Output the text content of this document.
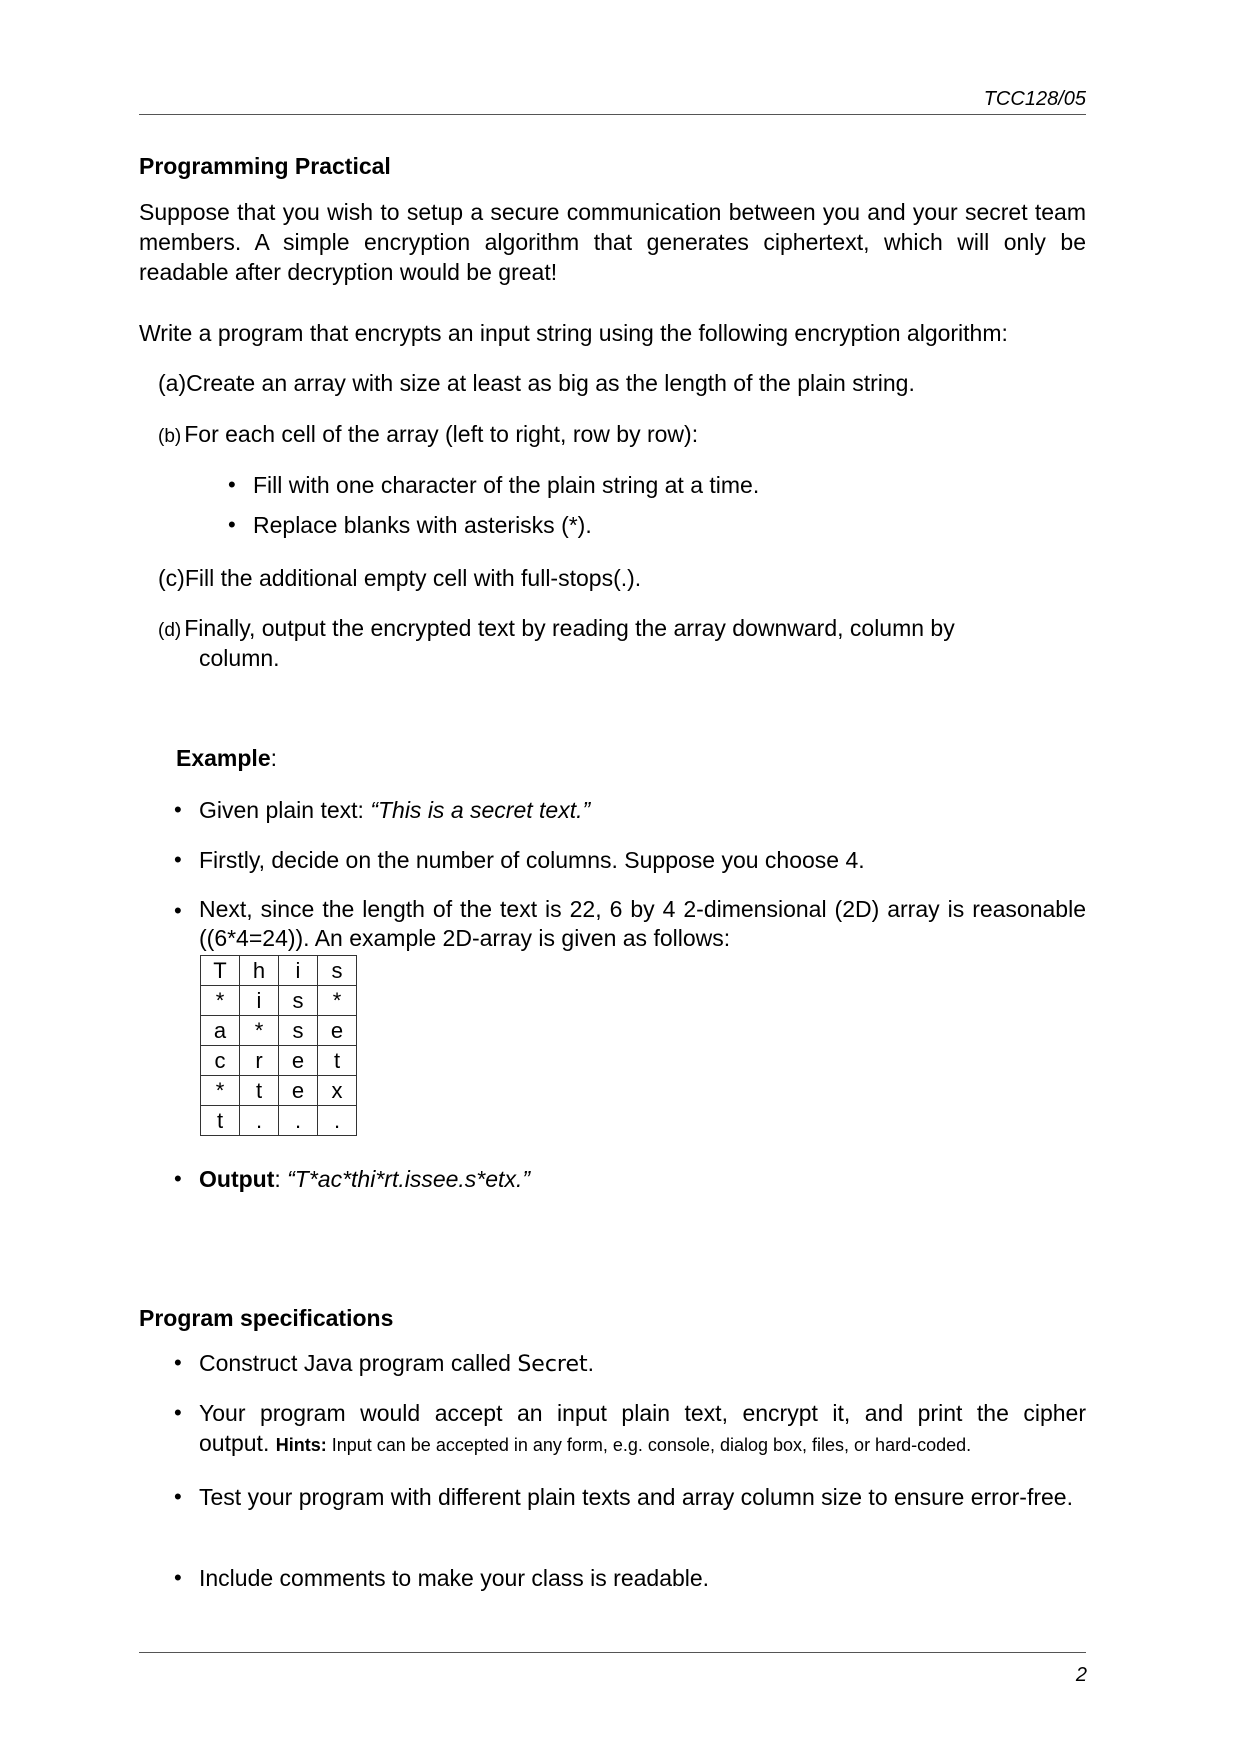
TCC128/05
Programming Practical
Suppose that you wish to setup a secure communication between you and your secret team members. A simple encryption algorithm that generates ciphertext, which will only be readable after decryption would be great!
Write a program that encrypts an input string using the following encryption algorithm:
(a)Create an array with size at least as big as the length of the plain string.
(b) For each cell of the array (left to right, row by row):
• Fill with one character of the plain string at a time.
• Replace blanks with asterisks (*).
(c)Fill the additional empty cell with full-stops(.).
(d) Finally, output the encrypted text by reading the array downward, column by
column.
Example:
• Given plain text: “This is a secret text.”
• Firstly, decide on the number of columns. Suppose you choose 4.
• Next, since the length of the text is 22, 6 by 4 2-dimensional (2D) array is reasonable ((6*4=24)). An example 2D-array is given as follows:
T	h	i	s
*	i	s	*
a	*	s	e
c	r	e	t
*	t	e	x
t	.	.	.
• Output: “T*ac*thi*rt.issee.s*etx.”
Program specifications
• Construct Java program called Secret.
• Your program would accept an input plain text, encrypt it, and print the cipher
output. Hints: Input can be accepted in any form, e.g. console, dialog box, files, or hard-coded.
• Test your program with different plain texts and array column size to ensure error-free.
• Include comments to make your class is readable.
2
